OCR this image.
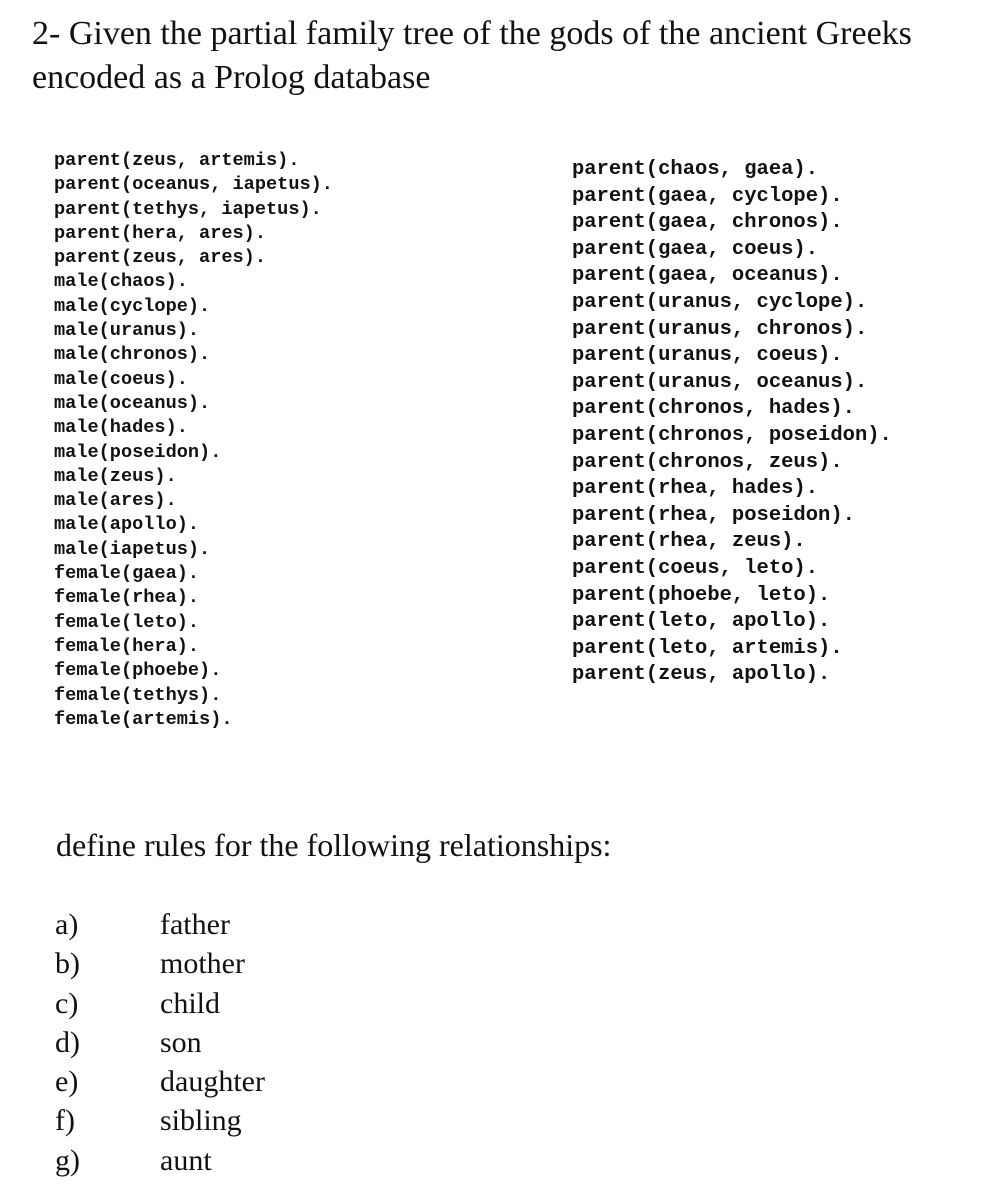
2- Given the partial family tree of the gods of the ancient Greeks encoded as a Prolog database
parent(zeus, artemis).
parent(oceanus, iapetus).
parent(tethys, iapetus).
parent(hera, ares).
parent(zeus, ares).
male(chaos).
male(cyclope).
male(uranus).
male(chronos).
male(coeus).
male(oceanus).
male(hades).
male(poseidon).
male(zeus).
male(ares).
male(apollo).
male(iapetus).
female(gaea).
female(rhea).
female(leto).
female(hera).
female(phoebe).
female(tethys).
female(artemis).
parent(chaos, gaea).
parent(gaea, cyclope).
parent(gaea, chronos).
parent(gaea, coeus).
parent(gaea, oceanus).
parent(uranus, cyclope).
parent(uranus, chronos).
parent(uranus, coeus).
parent(uranus, oceanus).
parent(chronos, hades).
parent(chronos, poseidon).
parent(chronos, zeus).
parent(rhea, hades).
parent(rhea, poseidon).
parent(rhea, zeus).
parent(coeus, leto).
parent(phoebe, leto).
parent(leto, apollo).
parent(leto, artemis).
parent(zeus, apollo).

define rules for the following relationships:

a)	father
b)	mother
c)	child
d)	son
e)	daughter
f)	sibling
g)	aunt
